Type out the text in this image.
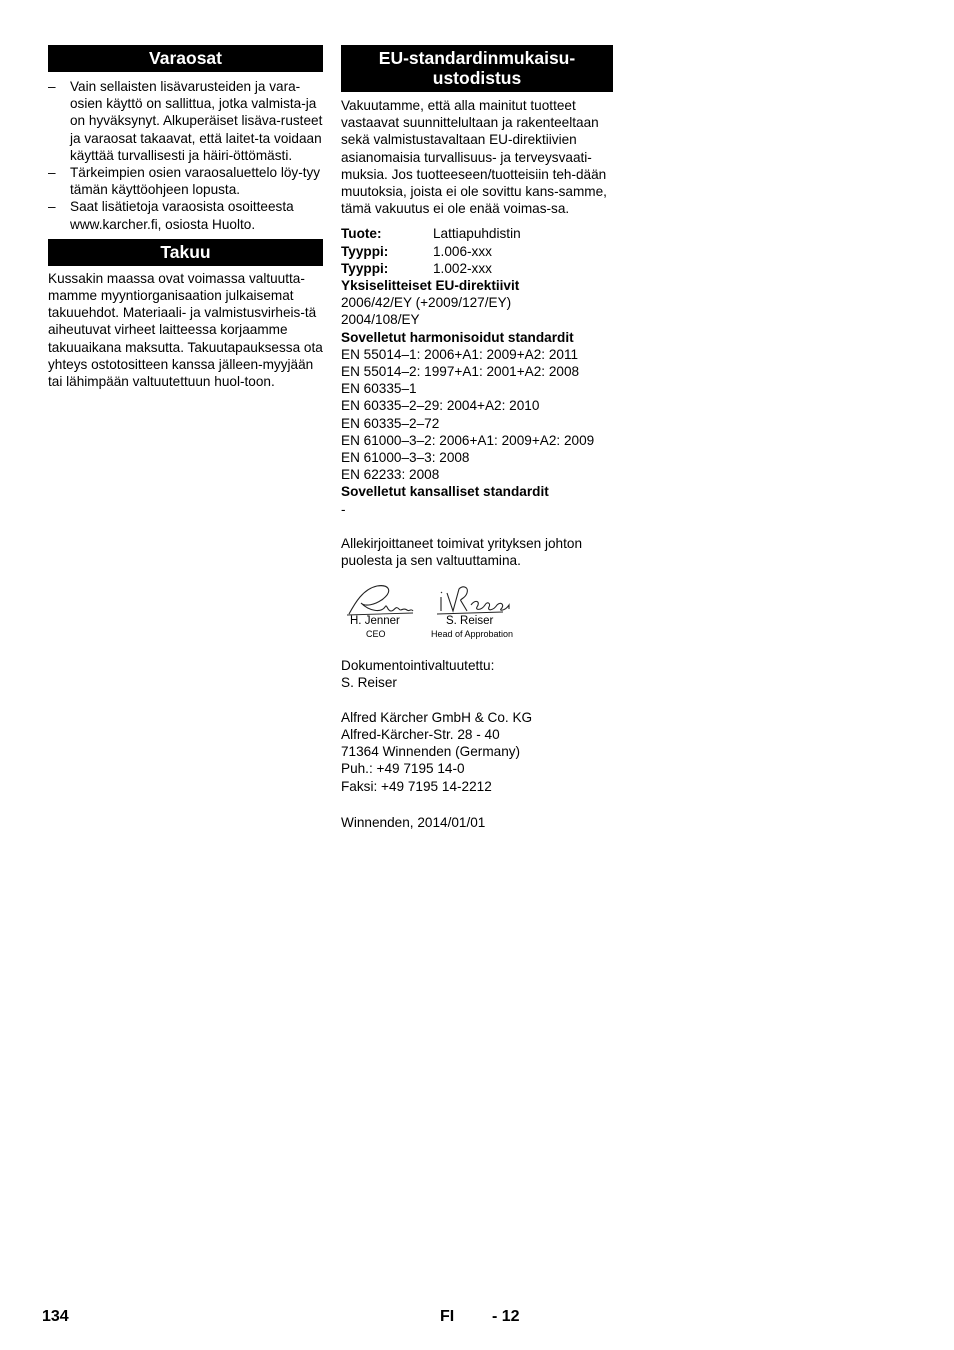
Varaosat
– Vain sellaisten lisävarusteiden ja vara-osien käyttö on sallittua, jotka valmista-ja on hyväksynyt. Alkuperäiset lisäva-rusteet ja varaosat takaavat, että laitet-ta voidaan käyttää turvallisesti ja häiri-öttömästi.
– Tärkeimpien osien varaosaluettelo löy-tyy tämän käyttöohjeen lopusta.
– Saat lisätietoja varaosista osoitteesta www.karcher.fi, osiosta Huolto.
Takuu

Kussakin maassa ovat voimassa valtuutta-mamme myyntiorganisaation julkaisemat takuuehdot. Materiaali- ja valmistusvirheis-tä aiheutuvat virheet laitteessa korjaamme takuuaikana maksutta. Takuutapauksessa ota yhteys ostotositteen kanssa jälleen-myyjään tai lähimpään valtuutettuun huol-toon.

EU-standardinmukaisu-
ustodistus

Vakuutamme, että alla mainitut tuotteet vastaavat suunnittelultaan ja rakenteeltaan sekä valmistustavaltaan EU-direktiivien asianomaisia turvallisuus- ja terveysvaati-muksia. Jos tuotteeseen/tuotteisiin teh-dään muutoksia, joista ei ole sovittu kans-samme, tämä vakuutus ei ole enää voimas-sa.

Tuote:	Lattiapuhdistin
Tyyppi:	1.006-xxx
Tyyppi:	1.002-xxx
Yksiselitteiset EU-direktiivit
2006/42/EY (+2009/127/EY)
2004/108/EY
Sovelletut harmonisoidut standardit
EN 55014–1: 2006+A1: 2009+A2: 2011
EN 55014–2: 1997+A1: 2001+A2: 2008
EN 60335–1
EN 60335–2–29: 2004+A2: 2010
EN 60335–2–72
EN 61000–3–2: 2006+A1: 2009+A2: 2009
EN 61000–3–3: 2008
EN 62233: 2008
Sovelletut kansalliset standardit
-

Allekirjoittaneet toimivat yrityksen johton puolesta ja sen valtuuttamina.

H. Jenner
CEO
S. Reiser
Head of Approbation
Dokumentointivaltuutettu:
S. Reiser
Alfred Kärcher GmbH & Co. KG
Alfred-Kärcher-Str. 28 - 40
71364 Winnenden (Germany)
Puh.: +49 7195 14-0
Faksi: +49 7195 14-2212
Winnenden, 2014/01/01
134	FI - 12
